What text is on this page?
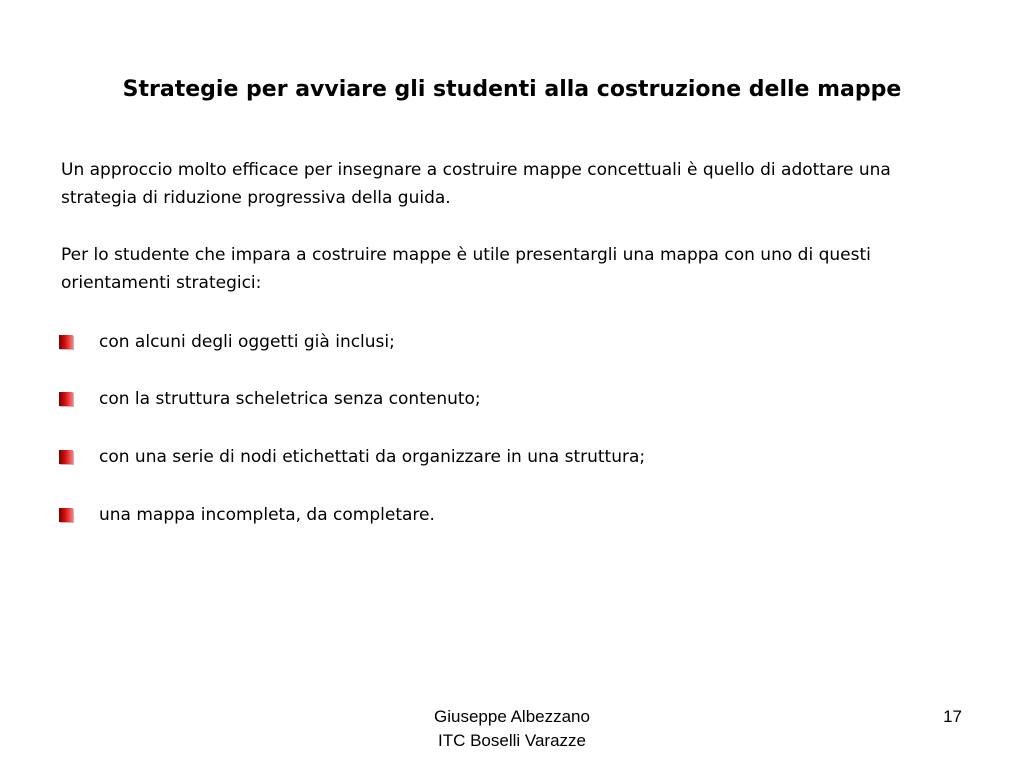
Strategie per avviare gli studenti alla costruzione delle mappe

Un approccio molto efficace per insegnare a costruire mappe concettuali è quello di adottare una strategia di riduzione progressiva della guida.

Per lo studente che impara a costruire mappe è utile presentargli una mappa con uno di questi orientamenti strategici:

con alcuni degli oggetti già inclusi;
con la struttura scheletrica senza contenuto;
con una serie di nodi etichettati da organizzare in una struttura;
una mappa incompleta, da completare.
Giuseppe Albezzano
ITC Boselli Varazze
17
